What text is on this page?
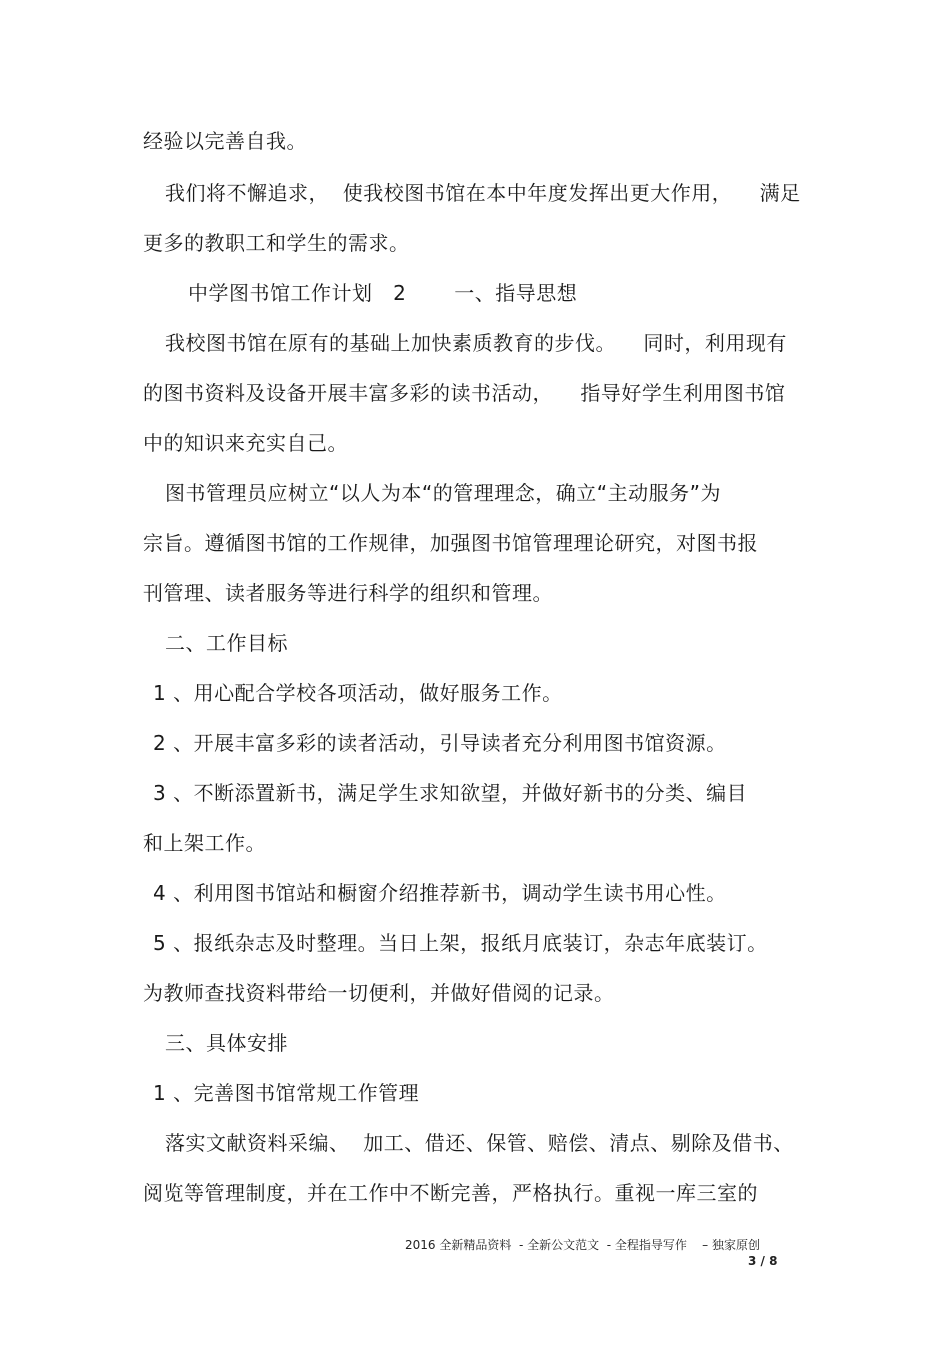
经验以完善自我。
我们将不懈追求，  使我校图书馆在本中年度发挥出更大作用，    满足
更多的教职工和学生的需求。
中学图书馆工作计划   2       一、指导思想
我校图书馆在原有的基础上加快素质教育的步伐。    同时，利用现有
的图书资料及设备开展丰富多彩的读书活动，    指导好学生利用图书馆
中的知识来充实自己。
图书管理员应树立“以人为本“的管理理念，确立“主动服务”为
宗旨。遵循图书馆的工作规律，加强图书馆管理理论研究，对图书报
刊管理、读者服务等进行科学的组织和管理。
二、工作目标
1 、用心配合学校各项活动，做好服务工作。
2 、开展丰富多彩的读者活动，引导读者充分利用图书馆资源。
3 、不断添置新书，满足学生求知欲望，并做好新书的分类、编目
和上架工作。
4 、利用图书馆站和橱窗介绍推荐新书，调动学生读书用心性。
5 、报纸杂志及时整理。当日上架，报纸月底装订，杂志年底装订。
为教师查找资料带给一切便利，并做好借阅的记录。
三、具体安排
1 、完善图书馆常规工作管理
落实文献资料采编、  加工、借还、保管、赔偿、清点、剔除及借书、
阅览等管理制度，并在工作中不断完善，严格执行。重视一库三室的
2016 全新精品资料  - 全新公文范文  - 全程指导写作    – 独家原创
3 / 8
